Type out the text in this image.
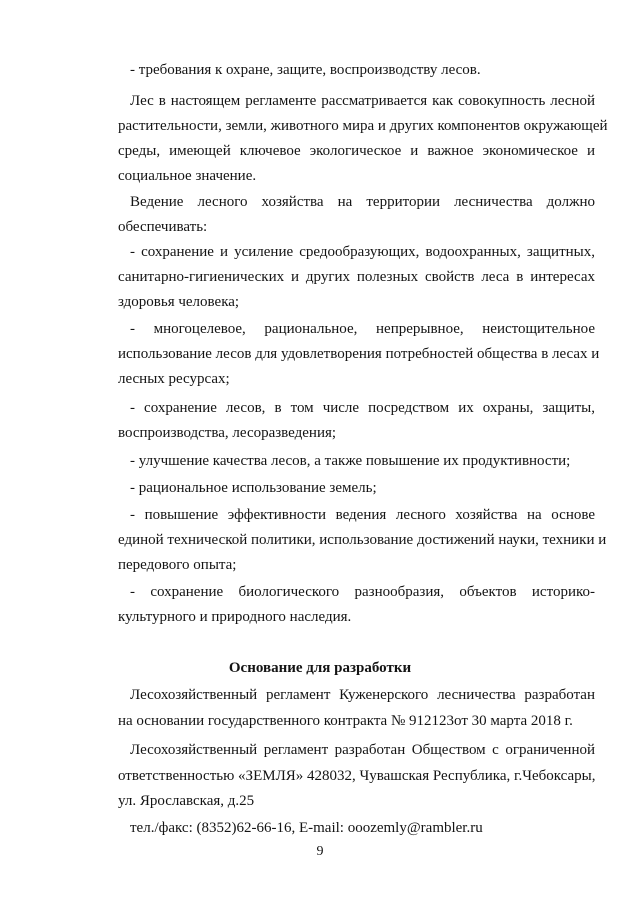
- требования к охране, защите, воспроизводству лесов.

Лес в настоящем регламенте рассматривается как совокупность лесной

растительности, земли, животного мира и других компонентов окружающей

среды, имеющей ключевое экологическое и важное экономическое и

социальное значение.

Ведение лесного хозяйства на территории лесничества должно

обеспечивать:

- сохранение и усиление средообразующих, водоохранных, защитных,

санитарно-гигиенических и других полезных свойств леса в интересах

здоровья человека;

- многоцелевое, рациональное, непрерывное, неистощительное

использование лесов для удовлетворения потребностей общества в лесах и

лесных ресурсах;

- сохранение лесов, в том числе посредством их охраны, защиты,

воспроизводства, лесоразведения;

- улучшение качества лесов, а также повышение их продуктивности;

- рациональное использование земель;

- повышение эффективности ведения лесного хозяйства на основе

единой технической политики, использование достижений науки, техники и

передового опыта;

- сохранение биологического разнообразия, объектов историко-

культурного и природного наследия.

Основание для разработки

Лесохозяйственный регламент Куженерского лесничества разработан

на основании государственного контракта № 912123от 30 марта 2018 г.

Лесохозяйственный регламент разработан Обществом с ограниченной

ответственностью «ЗЕМЛЯ» 428032, Чувашская Республика, г.Чебоксары,

ул. Ярославская, д.25

тел./факс: (8352)62-66-16, E-mail: ooozemly@rambler.ru

9
